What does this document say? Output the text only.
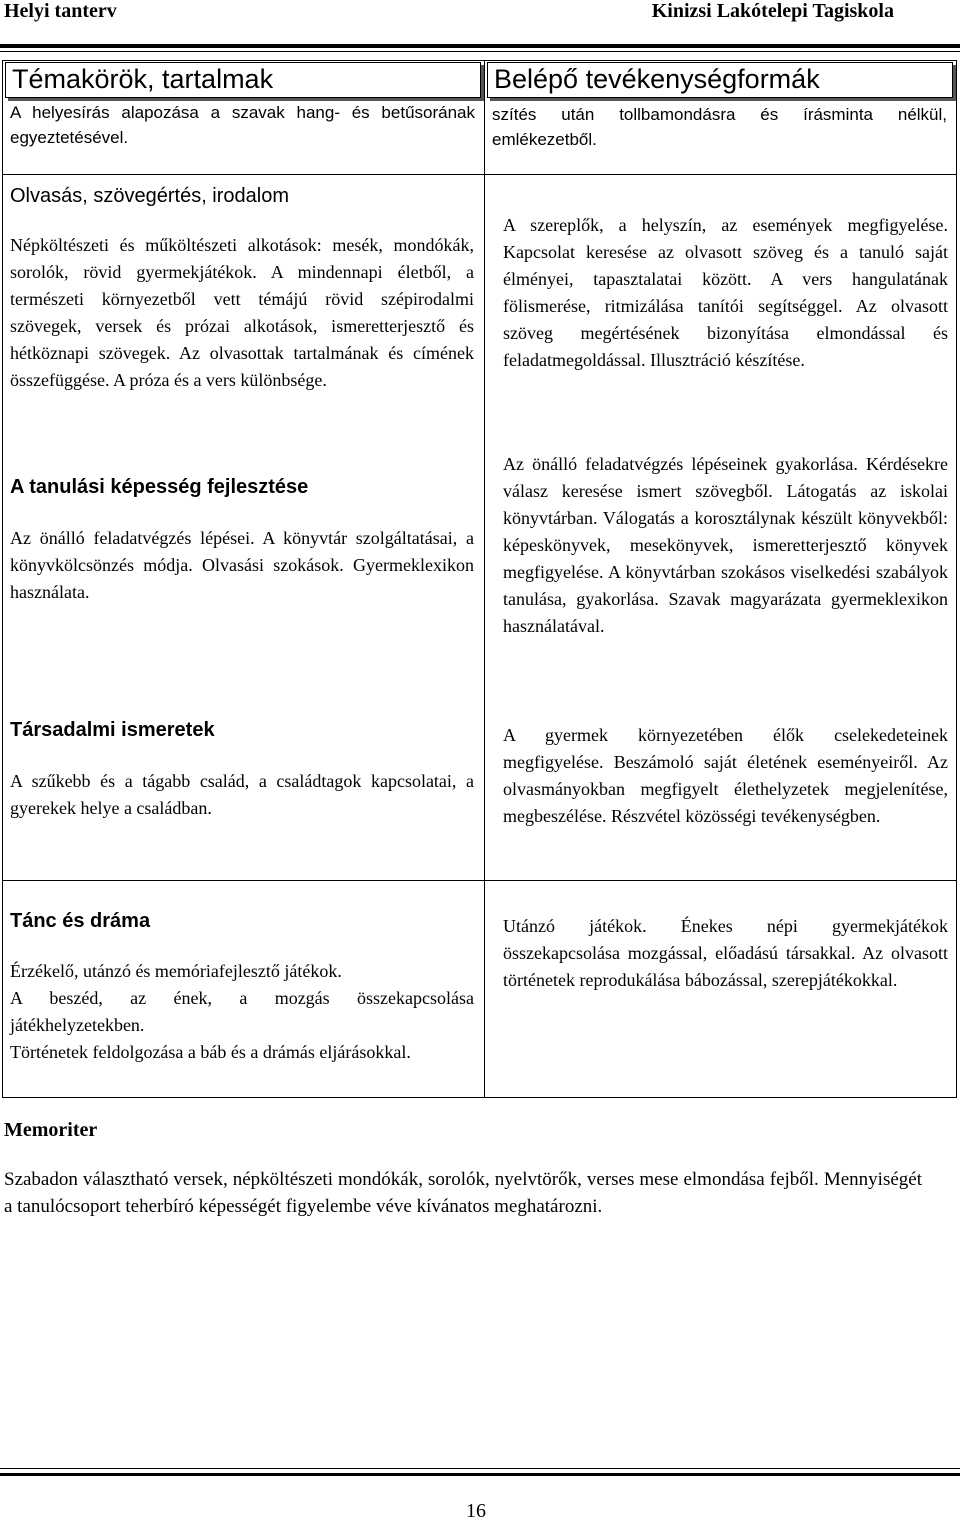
Helyi tanterv	Kinizsi Lakótelepi Tagiskola
Témakörök, tartalmak	Belépő tevékenységformák

A helyesírás alapozása a szavak hang- és betűsorának egyeztetésével.

szítés után tollbamondásra és írásminta nélkül, emlékezetből.

Olvasás, szövegértés, irodalom

Népköltészeti és műköltészeti alkotások: mesék, mondókák, sorolók, rövid gyermekjátékok. A mindennapi életből, a természeti környezetből vett témájú rövid szépirodalmi szövegek, versek és prózai alkotások, ismeretterjesztő és hétköznapi szövegek. Az olvasottak tartalmának és címének összefüggése. A próza és a vers különbsége.

A szereplők, a helyszín, az események megfigyelése. Kapcsolat keresése az olvasott szöveg és a tanuló saját élményei, tapasztalatai között. A vers hangulatának fölismerése, ritmizálása tanítói segítséggel. Az olvasott szöveg megértésének bizonyítása elmondással és feladatmegoldással. Illusztráció készítése.

A tanulási képesség fejlesztése

Az önálló feladatvégzés lépései. A könyvtár szolgáltatásai, a könyvkölcsönzés módja. Olvasási szokások. Gyermeklexikon használata.

Az önálló feladatvégzés lépéseinek gyakorlása. Kérdésekre válasz keresése ismert szövegből. Látogatás az iskolai könyvtárban. Válogatás a korosztálynak készült könyvekből: képeskönyvek, mesekönyvek, ismeretterjesztő könyvek megfigyelése. A könyvtárban szokásos viselkedési szabályok tanulása, gyakorlása. Szavak magyarázata gyermeklexikon használatával.

Társadalmi ismeretek

A szűkebb és a tágabb család, a családtagok kapcsolatai, a gyerekek helye a családban.

A gyermek környezetében élők cselekedeteinek megfigyelése. Beszámoló saját életének eseményeiről. Az olvasmányokban megfigyelt élethelyzetek megjelenítése, megbeszélése. Részvétel közösségi tevékenységben.

Tánc és dráma

Érzékelő, utánzó és memóriafejlesztő játékok.

A beszéd, az ének, a mozgás összekapcsolása játékhelyzetekben.

Történetek feldolgozása a báb és a drámás eljárásokkal.

Utánzó játékok. Énekes népi gyermekjátékok összekapcsolása mozgással, előadású társakkal. Az olvasott történetek reprodukálása bábozással, szerepjátékokkal.

Memoriter
Szabadon választható versek, népköltészeti mondókák, sorolók, nyelvtörők, verses mese elmondása fejből. Mennyiségét a tanulócsoport teherbíró képességét figyelembe véve kívánatos meghatározni.
16
